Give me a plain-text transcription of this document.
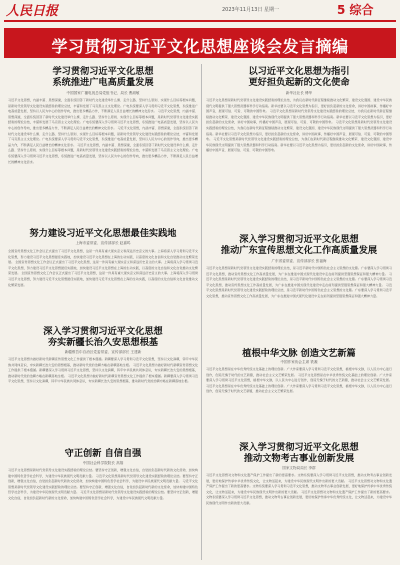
人民日报	2023年11月13日 星期一	5 综合
学习贯彻习近平文化思想座谈会发言摘编
学习贯彻习近平文化思想
系统推进广电高质量发展
中国国家广播电视总局党组书记、局长 曹淑敏
习近平文化思想，内涵丰富、思想深邃，全面系统回答了新时代文化建设举什么旗、走什么路、坚持什么原则、实现什么目标等根本问题，是新时代党领导文化建设实践经验的理论总结，丰富和发展了马克思主义文化理论。广电系统要深入学习贯彻习近平文化思想，系统推进广电高质量发展，坚持以人民为中心的创作导向，推出更多精品力作，不断满足人民日益增长的精神文化需求。 习近平文化思想，内涵丰富、思想深邃，全面系统回答了新时代文化建设举什么旗、走什么路、坚持什么原则、实现什么目标等根本问题，是新时代党领导文化建设实践经验的理论总结，丰富和发展了马克思主义文化理论。广电系统要深入学习贯彻习近平文化思想，系统推进广电高质量发展，坚持以人民为中心的创作导向，推出更多精品力作，不断满足人民日益增长的精神文化需求。 习近平文化思想，内涵丰富、思想深邃，全面系统回答了新时代文化建设举什么旗、走什么路、坚持什么原则、实现什么目标等根本问题，是新时代党领导文化建设实践经验的理论总结，丰富和发展了马克思主义文化理论。广电系统要深入学习贯彻习近平文化思想，系统推进广电高质量发展，坚持以人民为中心的创作导向，推出更多精品力作，不断满足人民日益增长的精神文化需求。 习近平文化思想，内涵丰富、思想深邃，全面系统回答了新时代文化建设举什么旗、走什么路、坚持什么原则、实现什么目标等根本问题，是新时代党领导文化建设实践经验的理论总结，丰富和发展了马克思主义文化理论。广电系统要深入学习贯彻习近平文化思想，系统推进广电高质量发展，坚持以人民为中心的创作导向，推出更多精品力作，不断满足人民日益增长的精神文化需求。
以习近平文化思想为指引
更好担负起新的文化使命
新华社社长 傅华
习近平文化思想是新时代党领导文化建设实践经验的理论总结，为我们在新时代新征程继续推动文化繁荣、建设文化强国、建设中华民族现代文明提供了强大思想武器和科学行动指南。新华社要以习近平文化思想为指引，更好担负起新的文化使命，讲好中国故事，传播好中国声音，展现可信、可爱、可敬的中国形象。 习近平文化思想是新时代党领导文化建设实践经验的理论总结，为我们在新时代新征程继续推动文化繁荣、建设文化强国、建设中华民族现代文明提供了强大思想武器和科学行动指南。新华社要以习近平文化思想为指引，更好担负起新的文化使命，讲好中国故事，传播好中国声音，展现可信、可爱、可敬的中国形象。 习近平文化思想是新时代党领导文化建设实践经验的理论总结，为我们在新时代新征程继续推动文化繁荣、建设文化强国、建设中华民族现代文明提供了强大思想武器和科学行动指南。新华社要以习近平文化思想为指引，更好担负起新的文化使命，讲好中国故事，传播好中国声音，展现可信、可爱、可敬的中国形象。 习近平文化思想是新时代党领导文化建设实践经验的理论总结，为我们在新时代新征程继续推动文化繁荣、建设文化强国、建设中华民族现代文明提供了强大思想武器和科学行动指南。新华社要以习近平文化思想为指引，更好担负起新的文化使命，讲好中国故事，传播好中国声音，展现可信、可爱、可敬的中国形象。
努力建设习近平文化思想最佳实践地
上海市委常委、宣传部部长 赵嘉鸣
全国宣传思想文化工作会议正式提出了习近平文化思想，这是一件具有重大现实意义和深远历史意义的大事。上海将深入学习贯彻习近平文化思想，努力建设习近平文化思想最佳实践地，加快建设习近平文化思想在上海的生动实践，以高度的文化自信和文化自觉推动文化繁荣发展。 全国宣传思想文化工作会议正式提出了习近平文化思想，这是一件具有重大现实意义和深远历史意义的大事。上海将深入学习贯彻习近平文化思想，努力建设习近平文化思想最佳实践地，加快建设习近平文化思想在上海的生动实践，以高度的文化自信和文化自觉推动文化繁荣发展。 全国宣传思想文化工作会议正式提出了习近平文化思想，这是一件具有重大现实意义和深远历史意义的大事。上海将深入学习贯彻习近平文化思想，努力建设习近平文化思想最佳实践地，加快建设习近平文化思想在上海的生动实践，以高度的文化自信和文化自觉推动文化繁荣发展。
深入学习贯彻习近平文化思想
推动广东宣传思想文化工作高质量发展
广东省委常委、宣传部部长 张福海
习近平文化思想是新时代党领导文化建设实践经验的理论总结，是习近平新时代中国特色社会主义思想的文化篇。广东要深入学习贯彻习近平文化思想，推动宣传思想文化工作高质量发展，为广东在推进中国式现代化建设中走在前列提供坚强思想保证和强大精神力量。 习近平文化思想是新时代党领导文化建设实践经验的理论总结，是习近平新时代中国特色社会主义思想的文化篇。广东要深入学习贯彻习近平文化思想，推动宣传思想文化工作高质量发展，为广东在推进中国式现代化建设中走在前列提供坚强思想保证和强大精神力量。 习近平文化思想是新时代党领导文化建设实践经验的理论总结，是习近平新时代中国特色社会主义思想的文化篇。广东要深入学习贯彻习近平文化思想，推动宣传思想文化工作高质量发展，为广东在推进中国式现代化建设中走在前列提供坚强思想保证和强大精神力量。
深入学习贯彻习近平文化思想
夯实新疆长治久安思想根基
新疆维吾尔自治区党委常委、宣传部部长 王建新
习近平文化思想为做好新时代新疆宣传思想文化工作提供了根本遵循。新疆要深入学习贯彻习近平文化思想，坚持以文化润疆，铸牢中华民族共同体意识，夯实新疆长治久安的思想根基，推动新时代党的治疆方略在新疆落地生根。 习近平文化思想为做好新时代新疆宣传思想文化工作提供了根本遵循。新疆要深入学习贯彻习近平文化思想，坚持以文化润疆，铸牢中华民族共同体意识，夯实新疆长治久安的思想根基，推动新时代党的治疆方略在新疆落地生根。 习近平文化思想为做好新时代新疆宣传思想文化工作提供了根本遵循。新疆要深入学习贯彻习近平文化思想，坚持以文化润疆，铸牢中华民族共同体意识，夯实新疆长治久安的思想根基，推动新时代党的治疆方略在新疆落地生根。
植根中华文脉 创造文艺新篇
中国作家协会主席 铁凝
习近平文化思想是在中华优秀传统文化基础上的理论创新。广大作家要深入学习贯彻习近平文化思想，植根中华文脉，以人民为中心进行创作，创造无愧于时代的文艺新篇，推动社会主义文艺繁荣发展。 习近平文化思想是在中华优秀传统文化基础上的理论创新。广大作家要深入学习贯彻习近平文化思想，植根中华文脉，以人民为中心进行创作，创造无愧于时代的文艺新篇，推动社会主义文艺繁荣发展。 习近平文化思想是在中华优秀传统文化基础上的理论创新。广大作家要深入学习贯彻习近平文化思想，植根中华文脉，以人民为中心进行创作，创造无愧于时代的文艺新篇，推动社会主义文艺繁荣发展。
守正创新 自信自强
中国社会科学院院长 高翔
习近平文化思想是新时代党领导文化建设实践经验的理论总结。要坚持守正创新，增强文化自信，自觉担负起新时代新的文化使命，加快构建中国特色哲学社会科学，为建设中华民族现代文明贡献力量。 习近平文化思想是新时代党领导文化建设实践经验的理论总结。要坚持守正创新，增强文化自信，自觉担负起新时代新的文化使命，加快构建中国特色哲学社会科学，为建设中华民族现代文明贡献力量。 习近平文化思想是新时代党领导文化建设实践经验的理论总结。要坚持守正创新，增强文化自信，自觉担负起新时代新的文化使命，加快构建中国特色哲学社会科学，为建设中华民族现代文明贡献力量。 习近平文化思想是新时代党领导文化建设实践经验的理论总结。要坚持守正创新，增强文化自信，自觉担负起新时代新的文化使命，加快构建中国特色哲学社会科学，为建设中华民族现代文明贡献力量。
深入学习贯彻习近平文化思想
推动文物考古事业创新发展
国家文物局局长 李群
习近平文化思想对文物和文化遗产保护工作提出了新的更高要求。文物系统要深入学习贯彻习近平文化思想，推动文物考古事业创新发展，更好地保护传承中华优秀传统文化，让文物活起来，为建设中华民族现代文明作出新的更大贡献。 习近平文化思想对文物和文化遗产保护工作提出了新的更高要求。文物系统要深入学习贯彻习近平文化思想，推动文物考古事业创新发展，更好地保护传承中华优秀传统文化，让文物活起来，为建设中华民族现代文明作出新的更大贡献。 习近平文化思想对文物和文化遗产保护工作提出了新的更高要求。文物系统要深入学习贯彻习近平文化思想，推动文物考古事业创新发展，更好地保护传承中华优秀传统文化，让文物活起来，为建设中华民族现代文明作出新的更大贡献。
